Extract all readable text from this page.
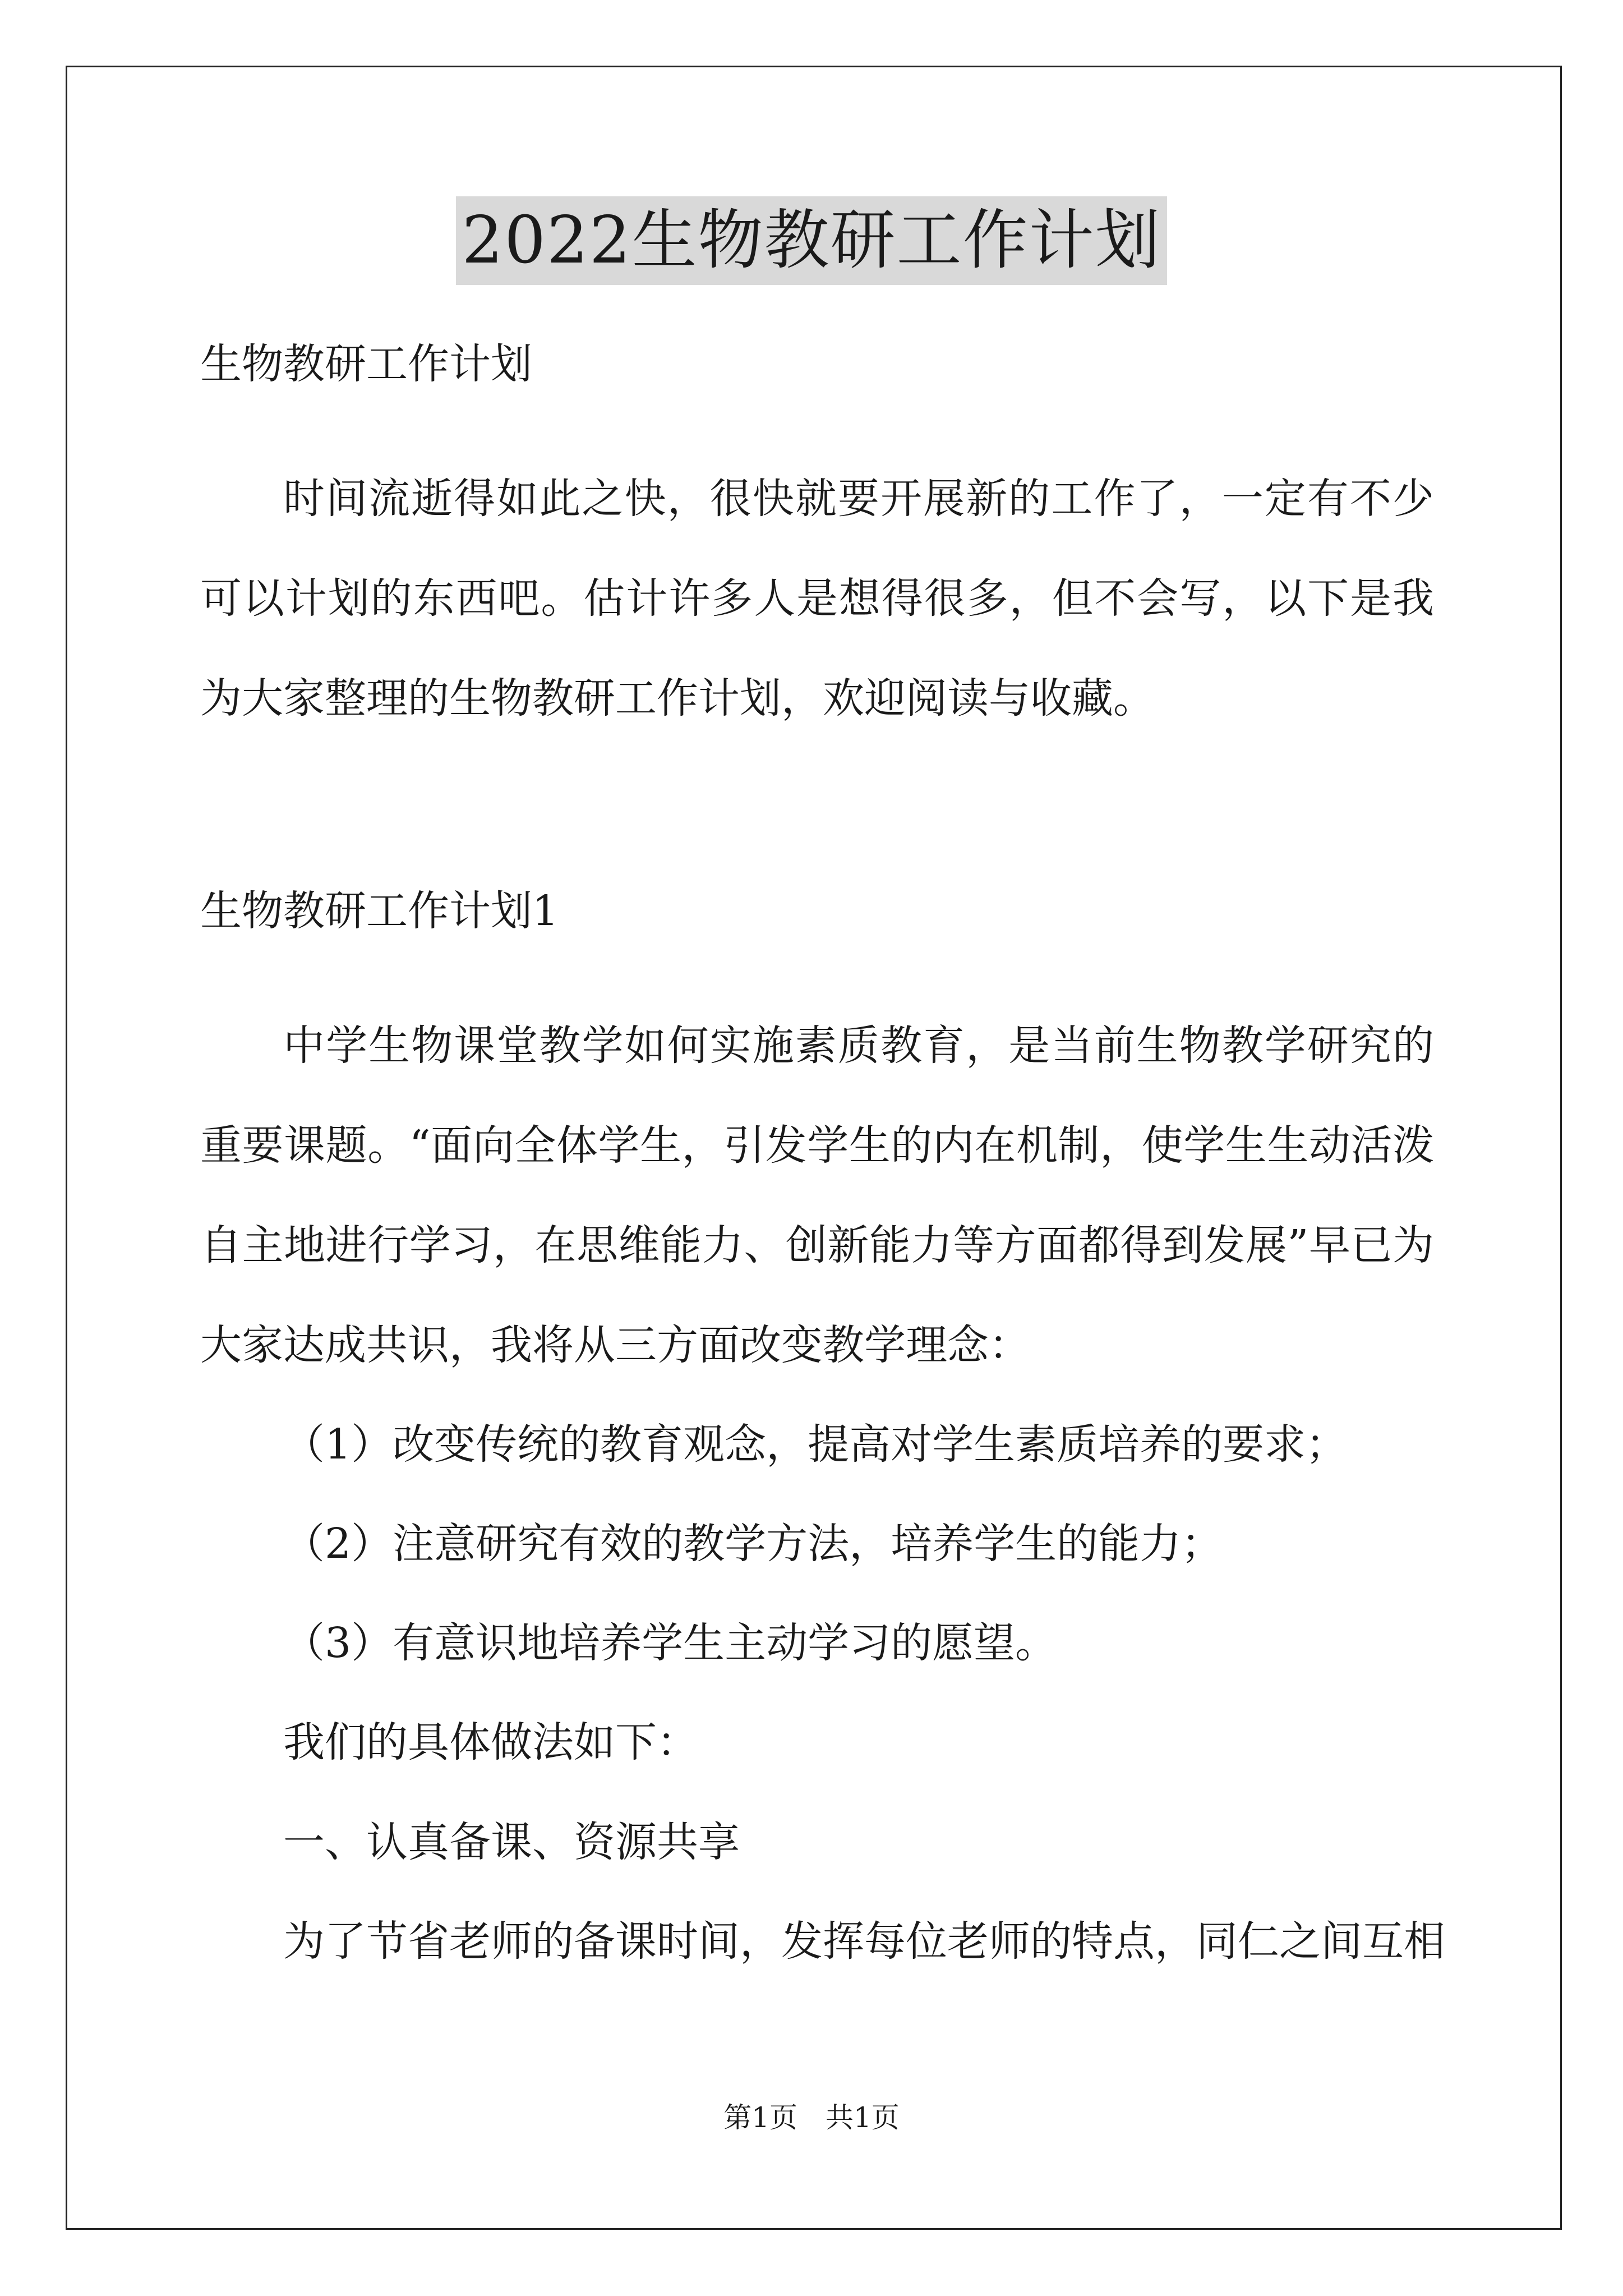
2022生物教研工作计划

生物教研工作计划

时间流逝得如此之快，很快就要开展新的工作了，一定有不少可以计划的东西吧。估计许多人是想得很多，但不会写，以下是我为大家整理的生物教研工作计划，欢迎阅读与收藏。

生物教研工作计划1

中学生物课堂教学如何实施素质教育，是当前生物教学研究的重要课题。“面向全体学生，引发学生的内在机制，使学生生动活泼自主地进行学习，在思维能力、创新能力等方面都得到发展”早已为大家达成共识，我将从三方面改变教学理念：

（1）改变传统的教育观念，提高对学生素质培养的要求；

（2）注意研究有效的教学方法，培养学生的能力；

（3）有意识地培养学生主动学习的愿望。

我们的具体做法如下：

一、认真备课、资源共享

为了节省老师的备课时间，发挥每位老师的特点，同仁之间互相

第1页　共1页
